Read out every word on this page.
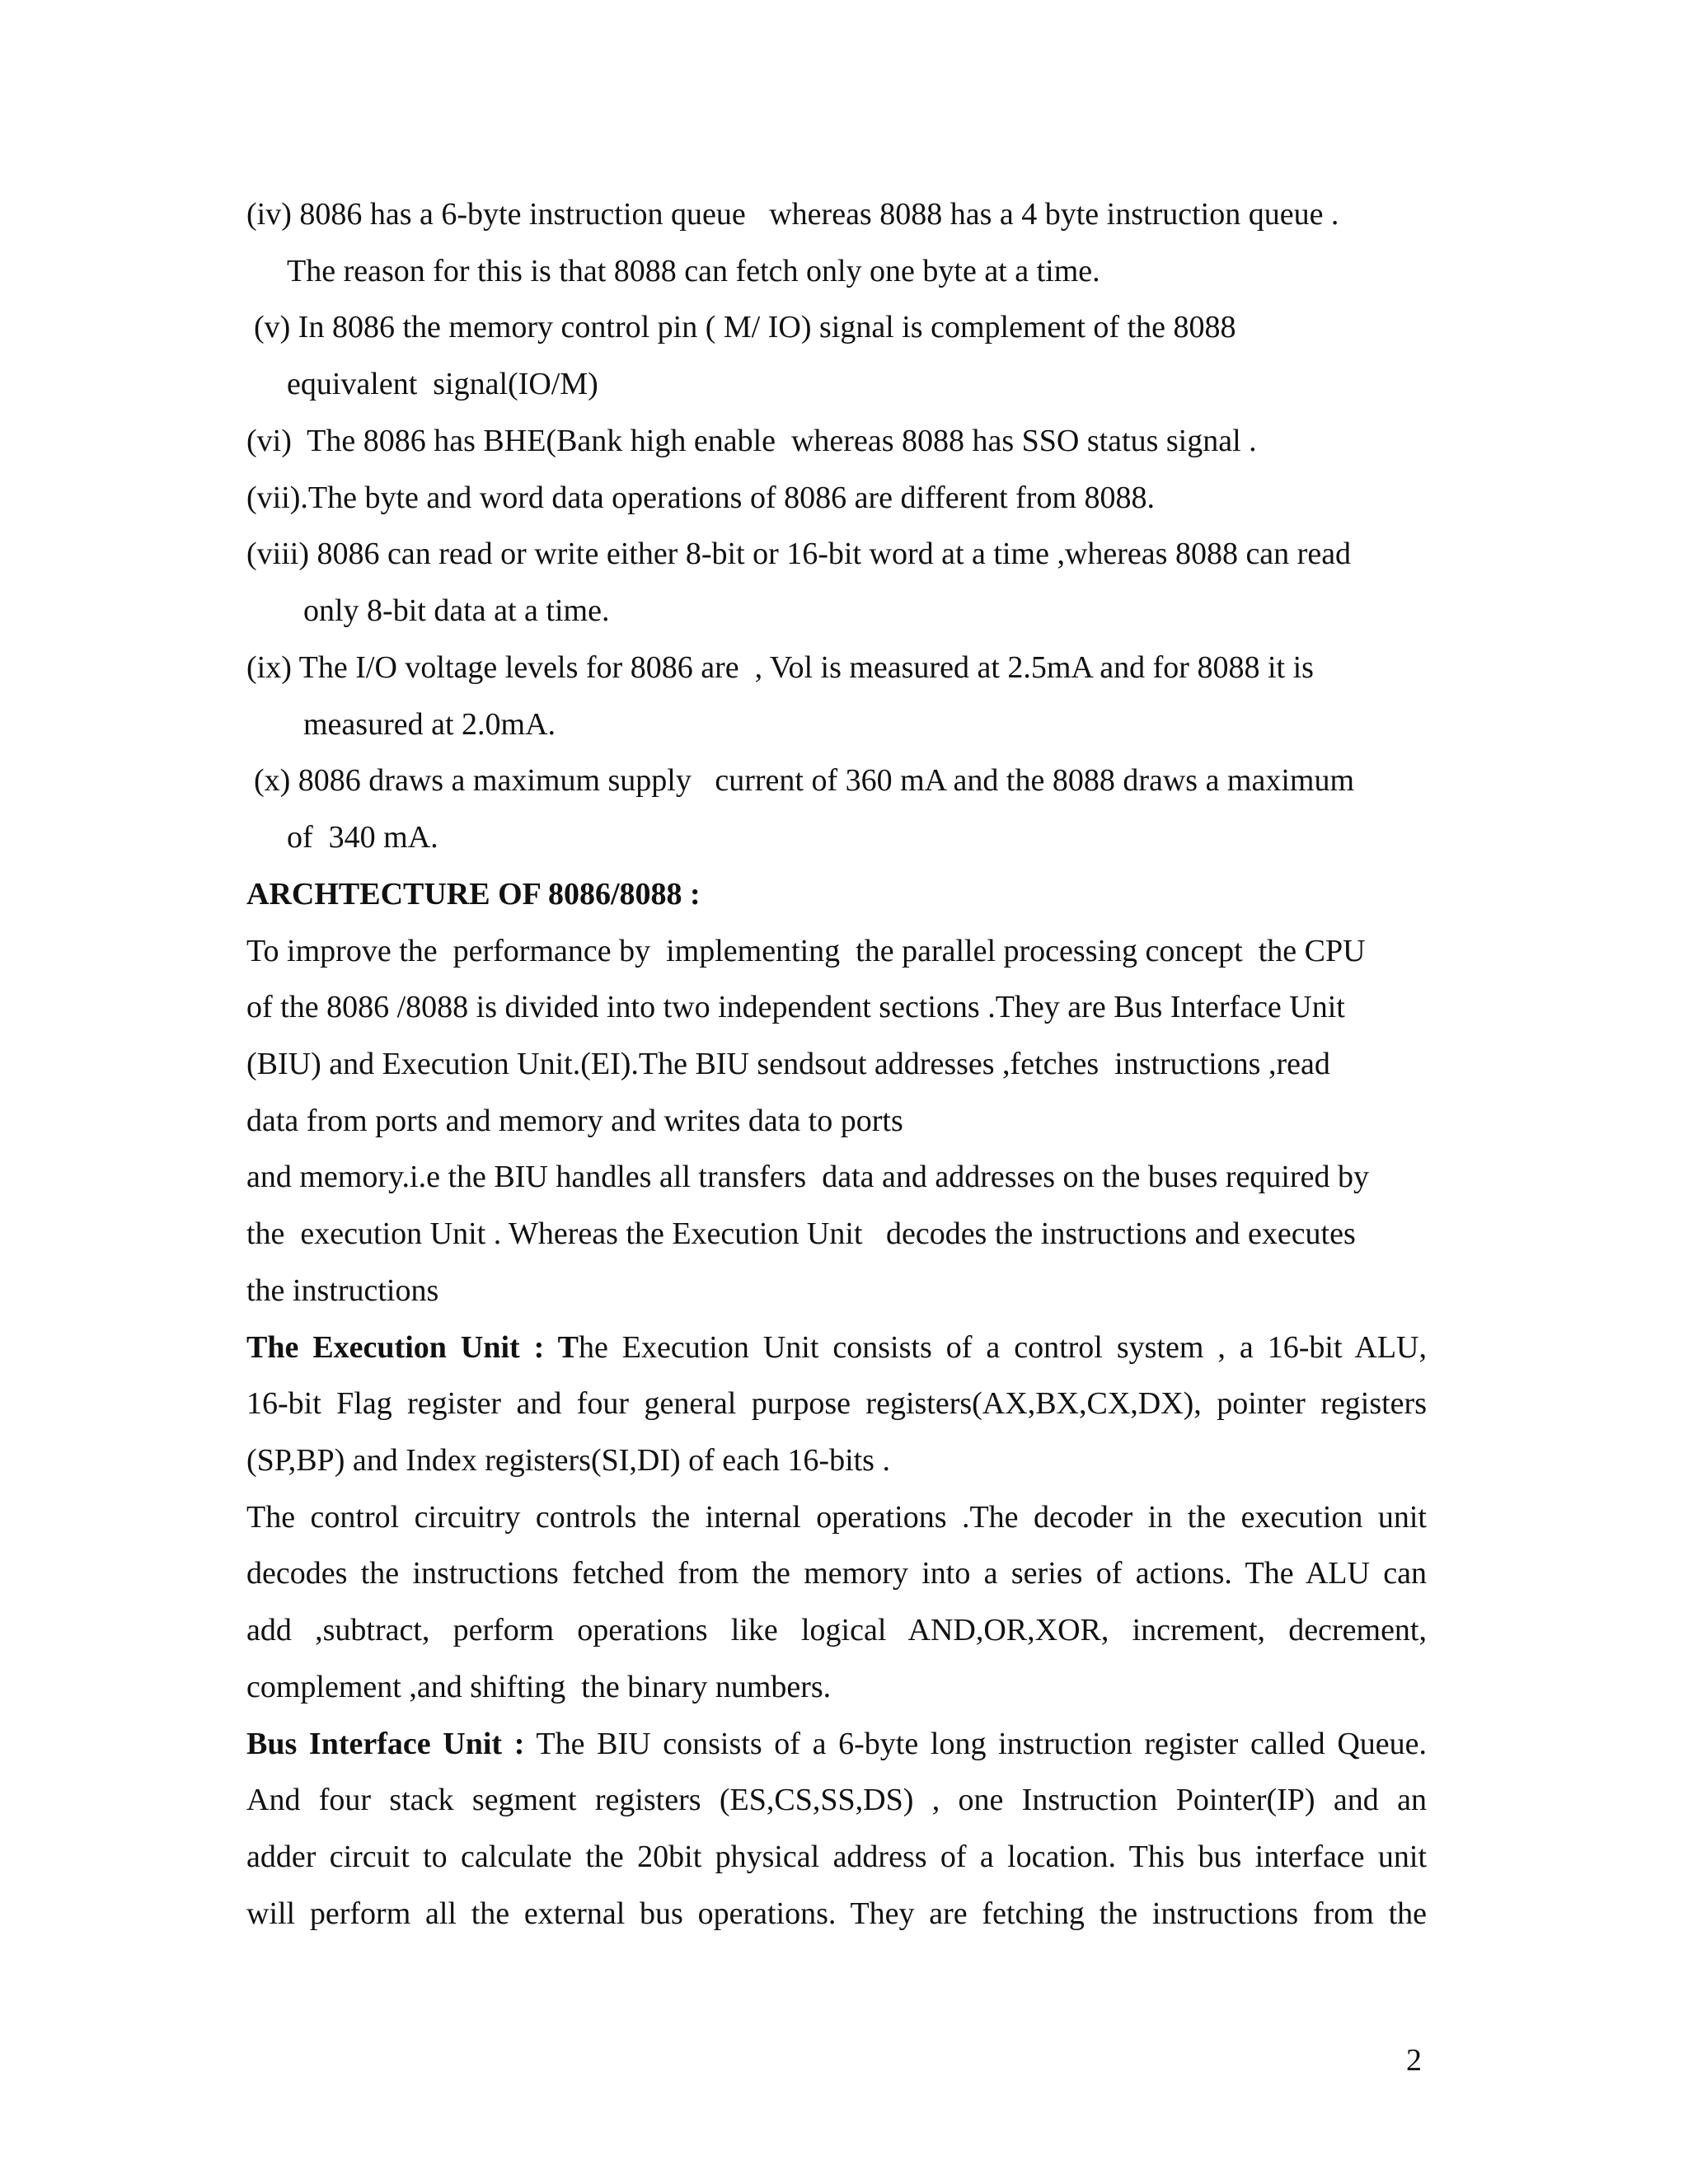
(iv) 8086 has a 6-byte instruction queue   whereas 8088 has a 4 byte instruction queue .
The reason for this is that 8088 can fetch only one byte at a time.
(v) In 8086 the memory control pin ( M/ IO) signal is complement of the 8088
equivalent  signal(IO/M)
(vi)  The 8086 has BHE(Bank high enable  whereas 8088 has SSO status signal .
(vii).The byte and word data operations of 8086 are different from 8088.
(viii) 8086 can read or write either 8-bit or 16-bit word at a time ,whereas 8088 can read
only 8-bit data at a time.
(ix) The I/O voltage levels for 8086 are  , Vol is measured at 2.5mA and for 8088 it is
measured at 2.0mA.
(x) 8086 draws a maximum supply   current of 360 mA and the 8088 draws a maximum
of  340 mA.
ARCHTECTURE OF 8086/8088 :
To improve the  performance by  implementing  the parallel processing concept  the CPU
of the 8086 /8088 is divided into two independent sections .They are Bus Interface Unit
(BIU) and Execution Unit.(EI).The BIU sendsout addresses ,fetches  instructions ,read
data from ports and memory and writes data to ports
and memory.i.e the BIU handles all transfers  data and addresses on the buses required by
the  execution Unit . Whereas the Execution Unit   decodes the instructions and executes
the instructions
The Execution Unit : The Execution Unit consists of a control system , a 16-bit ALU,
16-bit Flag register and four general purpose registers(AX,BX,CX,DX), pointer registers
(SP,BP) and Index registers(SI,DI) of each 16-bits .
The control circuitry controls the internal operations .The decoder in the execution unit
decodes the instructions fetched from the memory into a series of actions. The ALU can
add ,subtract, perform operations like logical AND,OR,XOR, increment, decrement,
complement ,and shifting  the binary numbers.
Bus Interface Unit : The BIU consists of a 6-byte long instruction register called Queue.
And four stack segment registers (ES,CS,SS,DS) , one Instruction Pointer(IP) and an
adder circuit to calculate the 20bit physical address of a location. This bus interface unit
will perform all the external bus operations. They are fetching the instructions from the
2
